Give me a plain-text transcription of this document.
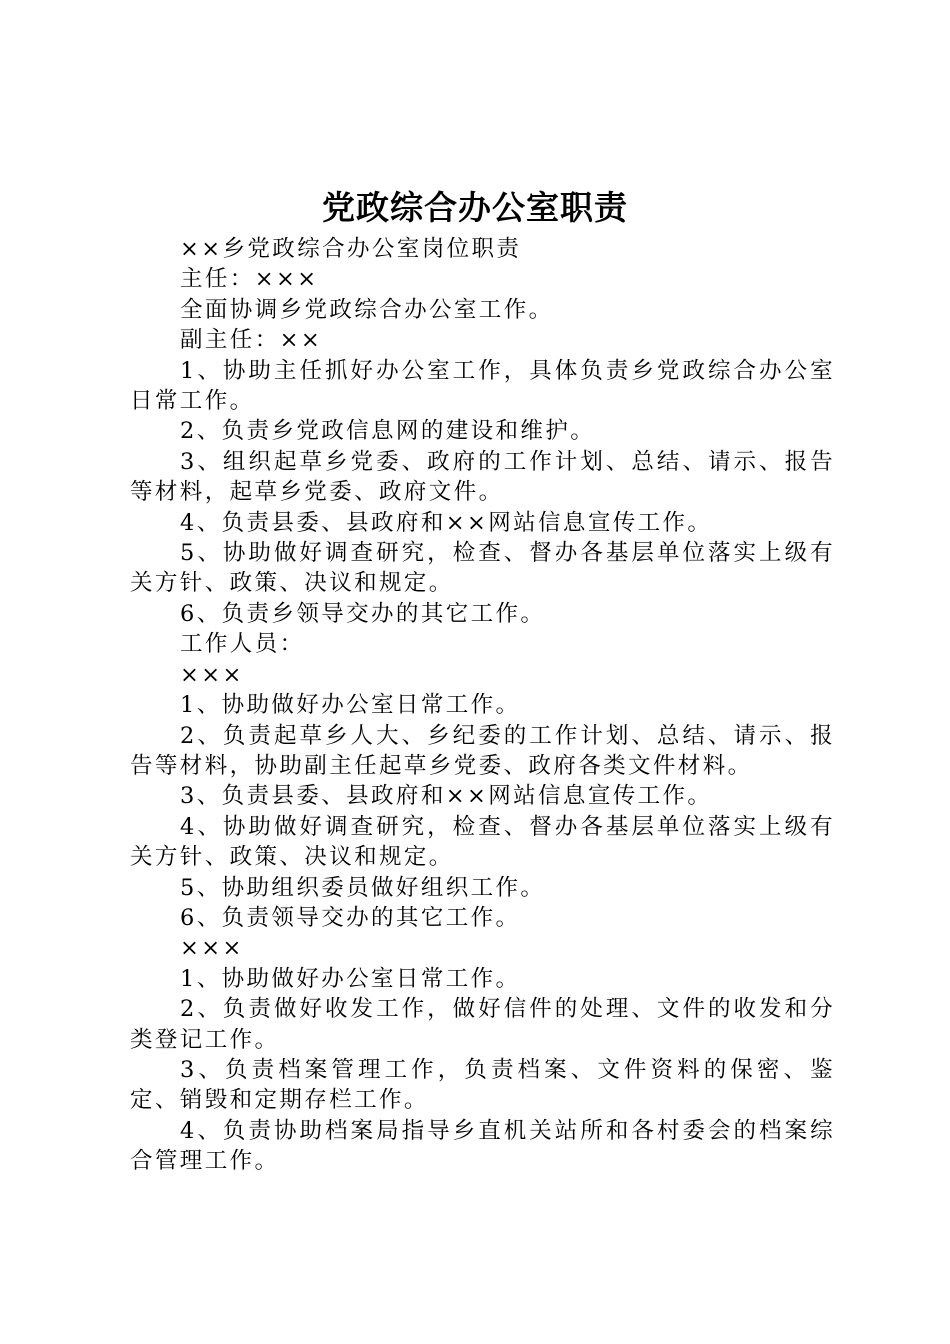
党政综合办公室职责

××乡党政综合办公室岗位职责

主任：×××

全面协调乡党政综合办公室工作。

副主任：××

1、协助主任抓好办公室工作，具体负责乡党政综合办公室日常工作。

2、负责乡党政信息网的建设和维护。

3、组织起草乡党委、政府的工作计划、总结、请示、报告等材料，起草乡党委、政府文件。

4、负责县委、县政府和××网站信息宣传工作。

5、协助做好调查研究，检查、督办各基层单位落实上级有关方针、政策、决议和规定。

6、负责乡领导交办的其它工作。

工作人员：

×××

1、协助做好办公室日常工作。

2、负责起草乡人大、乡纪委的工作计划、总结、请示、报告等材料，协助副主任起草乡党委、政府各类文件材料。

3、负责县委、县政府和××网站信息宣传工作。

4、协助做好调查研究，检查、督办各基层单位落实上级有关方针、政策、决议和规定。

5、协助组织委员做好组织工作。

6、负责领导交办的其它工作。

×××

1、协助做好办公室日常工作。

2、负责做好收发工作，做好信件的处理、文件的收发和分类登记工作。

3、负责档案管理工作，负责档案、文件资料的保密、鉴定、销毁和定期存栏工作。

4、负责协助档案局指导乡直机关站所和各村委会的档案综合管理工作。
